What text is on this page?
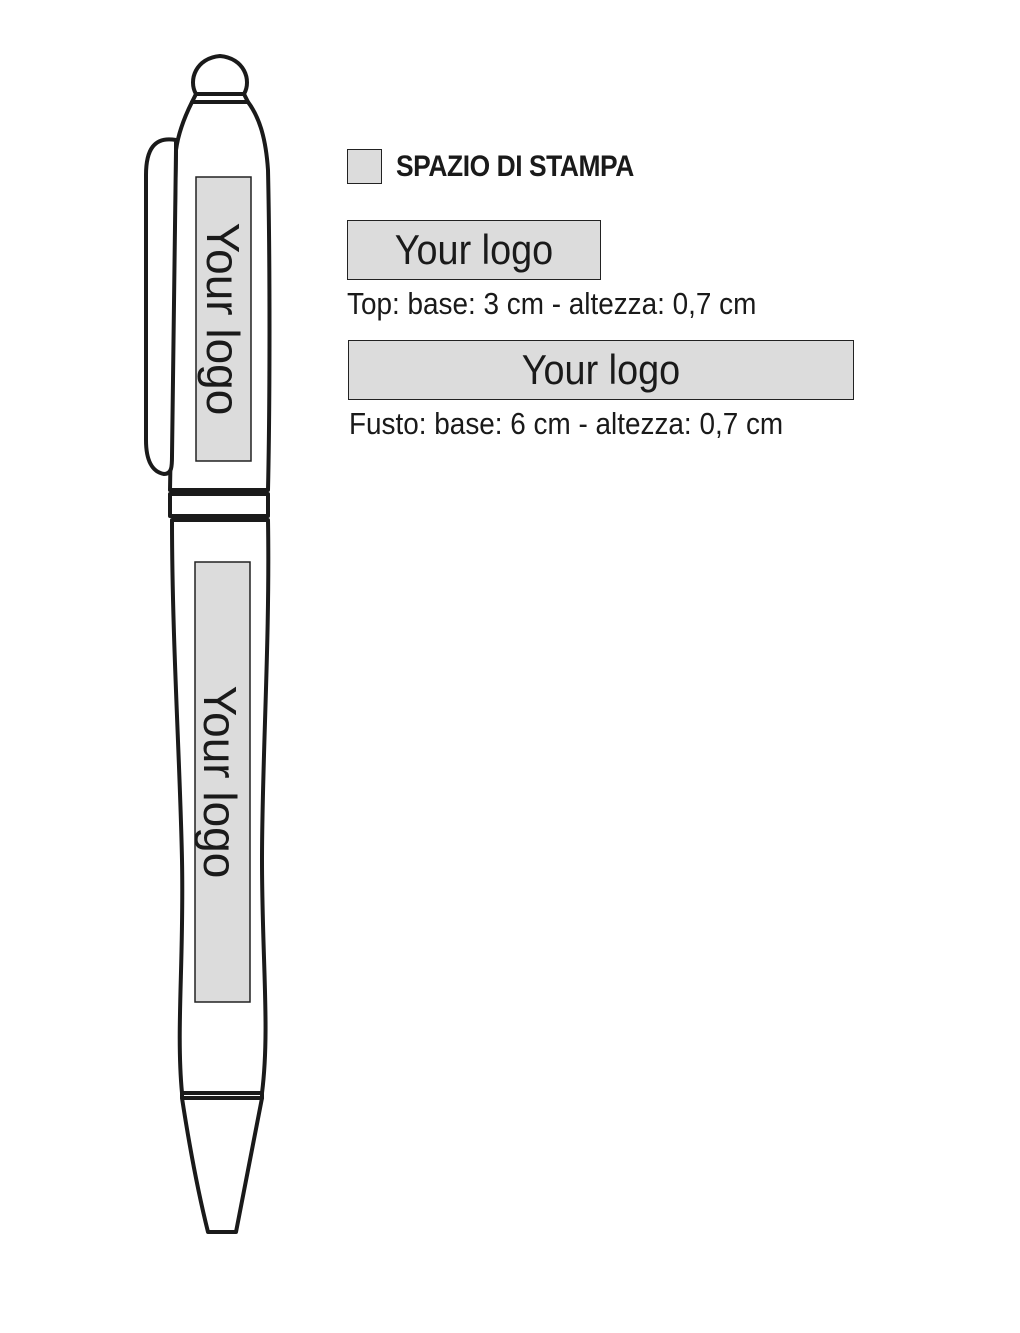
Your logo
Your logo
SPAZIO DI STAMPA
Your logo
Top: base: 3 cm - altezza: 0,7 cm
Your logo
Fusto: base: 6 cm - altezza: 0,7 cm
